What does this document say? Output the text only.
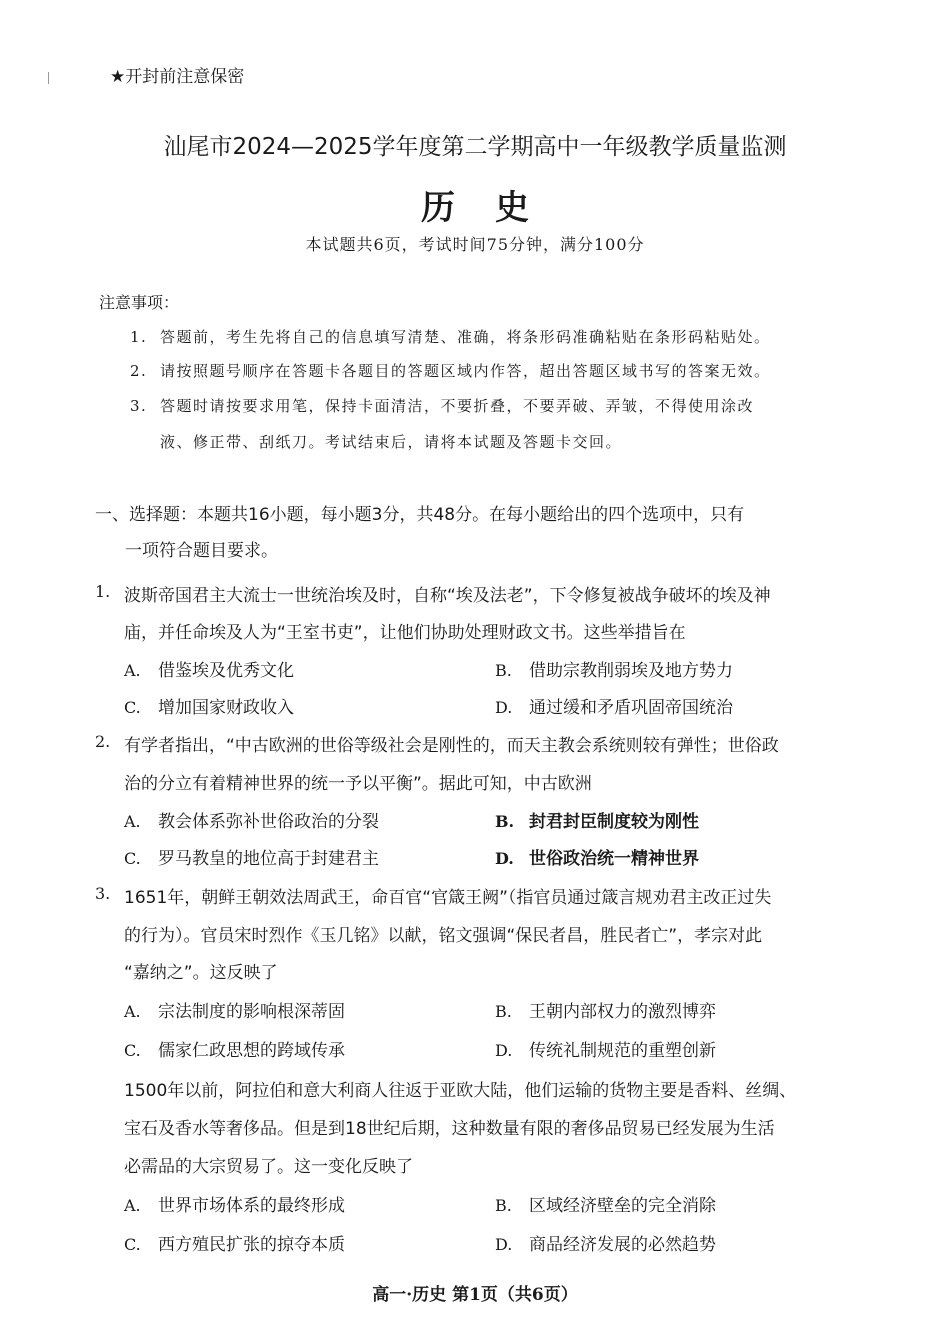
★开封前注意保密
汕尾市2024—2025学年度第二学期高中一年级教学质量监测
历史
本试题共6页，考试时间75分钟，满分100分
注意事项：
1. 答题前，考生先将自己的信息填写清楚、准确，将条形码准确粘贴在条形码粘贴处。
2. 请按照题号顺序在答题卡各题目的答题区域内作答，超出答题区域书写的答案无效。
3. 答题时请按要求用笔，保持卡面清洁，不要折叠，不要弄破、弄皱，不得使用涂改
液、修正带、刮纸刀。考试结束后，请将本试题及答题卡交回。
一、选择题：本题共16小题，每小题3分，共48分。在每小题给出的四个选项中，只有
一项符合题目要求。
1. 波斯帝国君主大流士一世统治埃及时，自称“埃及法老”，下令修复被战争破坏的埃及神
庙，并任命埃及人为“王室书吏”，让他们协助处理财政文书。这些举措旨在
A. 借鉴埃及优秀文化	B. 借助宗教削弱埃及地方势力
C. 增加国家财政收入	D. 通过缓和矛盾巩固帝国统治
2. 有学者指出，“中古欧洲的世俗等级社会是刚性的，而天主教会系统则较有弹性；世俗政
治的分立有着精神世界的统一予以平衡”。据此可知，中古欧洲
A. 教会体系弥补世俗政治的分裂	B. 封君封臣制度较为刚性
C. 罗马教皇的地位高于封建君主	D. 世俗政治统一精神世界
3. 1651年，朝鲜王朝效法周武王，命百官“官箴王阙”（指官员通过箴言规劝君主改正过失
的行为）。官员宋时烈作《玉几铭》以献，铭文强调“保民者昌，胜民者亡”，孝宗对此
“嘉纳之”。这反映了
A. 宗法制度的影响根深蒂固	B. 王朝内部权力的激烈博弈
C. 儒家仁政思想的跨域传承	D. 传统礼制规范的重塑创新
1500年以前，阿拉伯和意大利商人往返于亚欧大陆，他们运输的货物主要是香料、丝绸、
宝石及香水等奢侈品。但是到18世纪后期，这种数量有限的奢侈品贸易已经发展为生活
必需品的大宗贸易了。这一变化反映了
A. 世界市场体系的最终形成	B. 区域经济壁垒的完全消除
C. 西方殖民扩张的掠夺本质	D. 商品经济发展的必然趋势
高一·历史 第1页（共6页）
